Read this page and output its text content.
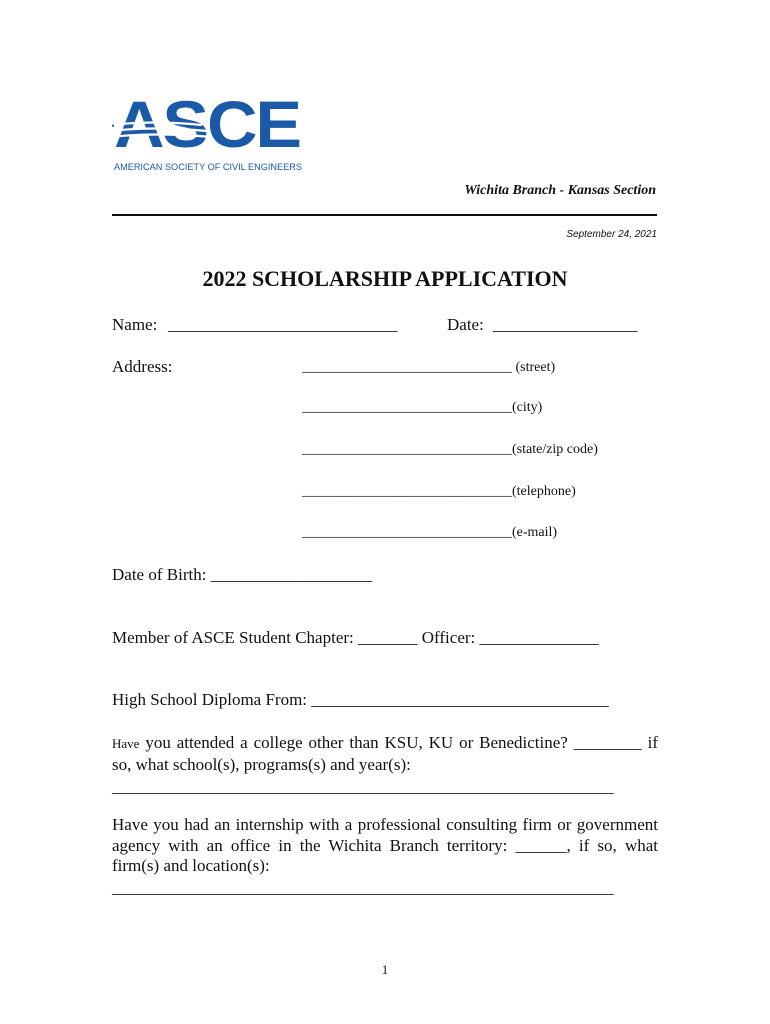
ASCE
AMERICAN SOCIETY OF CIVIL ENGINEERS
Wichita Branch - Kansas Section
September 24, 2021
2022 SCHOLARSHIP APPLICATION
Name: ___________________________	Date: _________________
Address:	______________________________ (street)
______________________________(city)
______________________________(state/zip code)
______________________________(telephone)
______________________________(e-mail)
Date of Birth: ___________________
Member of ASCE Student Chapter: _______ Officer: ______________
High School Diploma From: ___________________________________
Have you attended a college other than KSU, KU or Benedictine? ________ if so, what school(s), programs(s) and year(s):
___________________________________________________________
Have you had an internship with a professional consulting firm or government agency with an office in the Wichita Branch territory: ______, if so, what firm(s) and location(s):
___________________________________________________________
1
